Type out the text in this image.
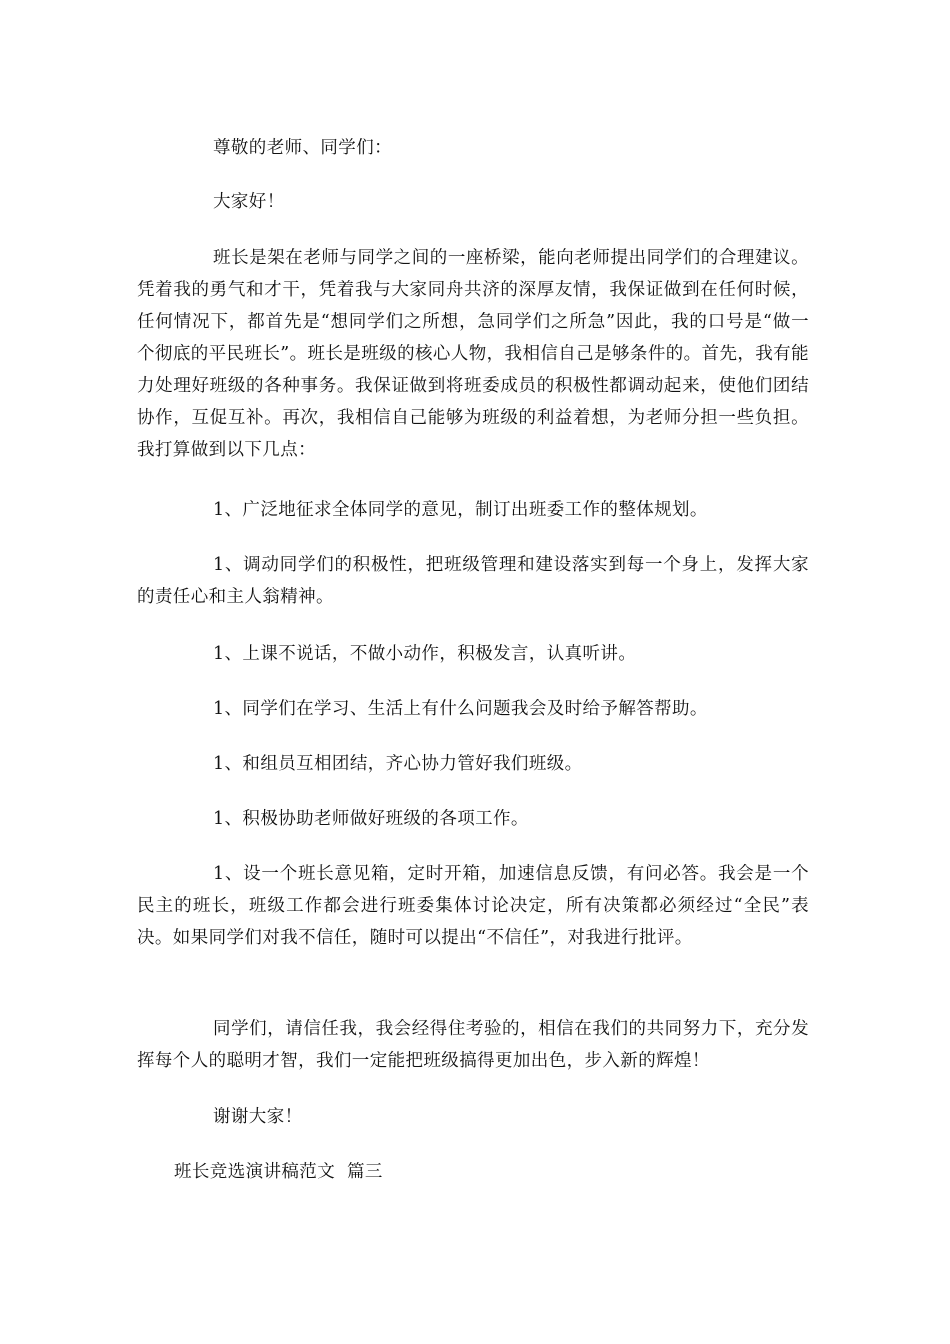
尊敬的老师、同学们：

大家好！

班长是架在老师与同学之间的一座桥梁，能向老师提出同学们的合理建议。凭着我的勇气和才干，凭着我与大家同舟共济的深厚友情，我保证做到在任何时候，任何情况下，都首先是“想同学们之所想，急同学们之所急”因此，我的口号是“做一个彻底的平民班长”。班长是班级的核心人物，我相信自己是够条件的。首先，我有能力处理好班级的各种事务。我保证做到将班委成员的积极性都调动起来，使他们团结协作，互促互补。再次，我相信自己能够为班级的利益着想，为老师分担一些负担。我打算做到以下几点：

1、广泛地征求全体同学的意见，制订出班委工作的整体规划。

1、调动同学们的积极性，把班级管理和建设落实到每一个身上，发挥大家的责任心和主人翁精神。

1、上课不说话，不做小动作，积极发言，认真听讲。

1、同学们在学习、生活上有什么问题我会及时给予解答帮助。

1、和组员互相团结，齐心协力管好我们班级。

1、积极协助老师做好班级的各项工作。

1、设一个班长意见箱，定时开箱，加速信息反馈，有问必答。我会是一个民主的班长，班级工作都会进行班委集体讨论决定，所有决策都必须经过“全民”表决。如果同学们对我不信任，随时可以提出“不信任”，对我进行批评。

同学们，请信任我，我会经得住考验的，相信在我们的共同努力下，充分发挥每个人的聪明才智，我们一定能把班级搞得更加出色，步入新的辉煌！

谢谢大家！

班长竞选演讲稿范文  篇三
